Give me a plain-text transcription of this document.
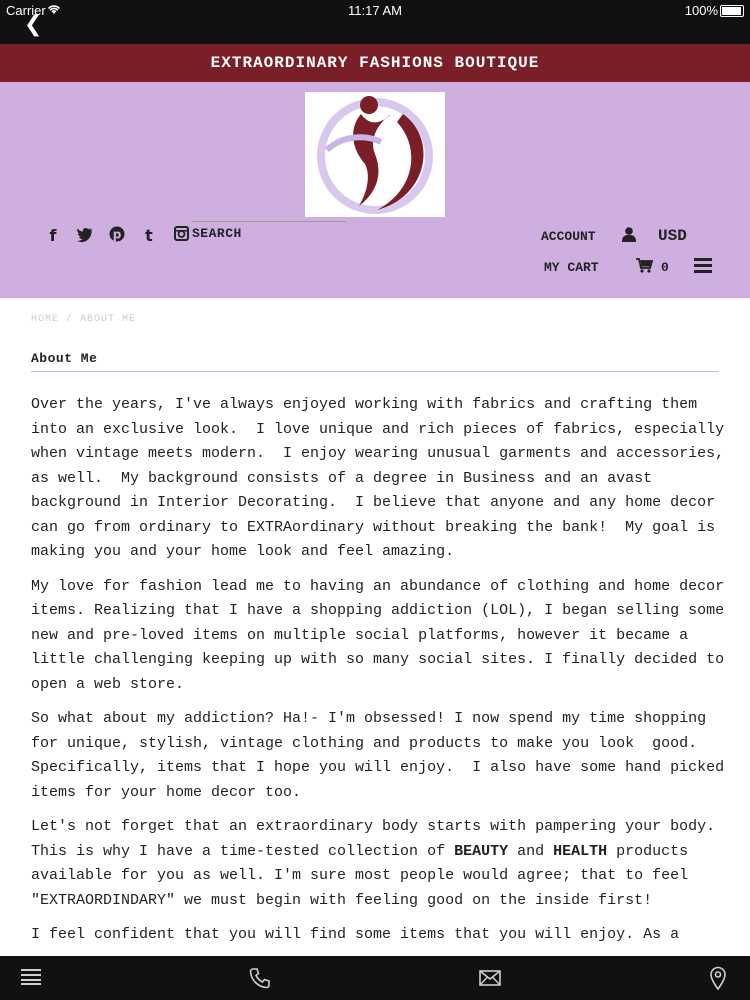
Carrier	11:17 AM	100%
❮
EXTRAORDINARY FASHIONS BOUTIQUE
f	p	t	SEARCH	ACCOUNT	USD
MY CART	0
HOME / ABOUT ME
About Me

Over the years, I've always enjoyed working with fabrics and crafting them into an exclusive look.  I love unique and rich pieces of fabrics, especially when vintage meets modern.  I enjoy wearing unusual garments and accessories, as well.  My background consists of a degree in Business and an avast background in Interior Decorating.  I believe that anyone and any home decor can go from ordinary to EXTRAordinary without breaking the bank!  My goal is making you and your home look and feel amazing.

My love for fashion lead me to having an abundance of clothing and home decor items. Realizing that I have a shopping addiction (LOL), I began selling some new and pre-loved items on multiple social platforms, however it became a little challenging keeping up with so many social sites. I finally decided to open a web store.

So what about my addiction? Ha!- I'm obsessed! I now spend my time shopping for unique, stylish, vintage clothing and products to make you look  good. Specifically, items that I hope you will enjoy.  I also have some hand picked items for your home decor too.

Let's not forget that an extraordinary body starts with pampering your body.  This is why I have a time-tested collection of BEAUTY and HEALTH products available for you as well. I'm sure most people would agree; that to feel "EXTRAORDINDARY" we must begin with feeling good on the inside first!

I feel confident that you will find some items that you will enjoy. As a
